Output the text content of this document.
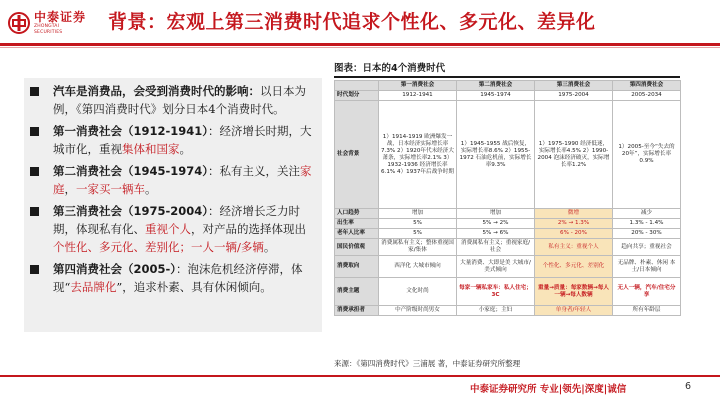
中泰证券
ZHONGTAI SECURITIES	背景：宏观上第三消费时代追求个性化、多元化、差异化
汽车是消费品，会受到消费时代的影响：以日本为例，《第四消费时代》划分日本4个消费时代。
第一消费社会（1912-1941）：经济增长时期，大城市化，重视集体和国家。
第二消费社会（1945-1974）：私有主义，关注家庭，一家买一辆车。
第三消费社会（1975-2004）：经济增长乏力时期，体现私有化、重视个人，对产品的选择体现出个性化、多元化、差别化；一人一辆/多辆。
第四消费社会（2005-）：泡沫危机经济停滞，体现“去品牌化”，追求朴素、具有休闲倾向。
图表：日本的4个消费时代
	第一消费社会	第二消费社会	第三消费社会	第四消费社会
时代划分	1912-1941	1945-1974	1975-2004	2005-2034
社会背景	1）1914-1919 欧洲爆发一战，日本经济实际增长率7.3% 2）1920年代末经济大萧条，实际增长率2.1% 3）1932-1936 经济增长率6.1% 4）1937年后战争时期	1）1945-1955 战后恢复，实际增长率8.6% 2）1955-1972 石油危机前，实际增长率9.3%	1）1975-1990 经济低迷，实际增长率4.5% 2）1990-2004 泡沫经济破灭，实际增长率1.2%	1）2005-至今“失去的20年”，实际增长率0.9%
人口趋势	增加	增加	微增	减少
出生率	5%	5% → 2%	2% → 1.3%	1.3% - 1.4%
老年人比率	5%	5% → 6%	6% - 20%	20% - 30%
国民价值观	消费属私有主义；整体重视国家/集体	消费属私有主义；重视家庭/社会	私有主义：重视个人	趋向共享；重视社会
消费取向	西洋化 大城市倾向	大量消费、大即是美 大城市/美式倾向	个性化、多元化、差别化	无品牌、朴素、休闲 本土/日本倾向
消费主题	文化时尚	每家一辆私家车：私人住宅；3C	重量→质量：每家数辆→每人一辆→每人数辆	无人一辆，汽车/住宅分享
消费承担者	中产阶级时尚男女	小家庭；主妇	单身者/年轻人	所有年龄层
来源：《第四消费时代》三浦展 著，中泰证券研究所整理
中泰证券研究所 专业|领先|深度|诚信	6
